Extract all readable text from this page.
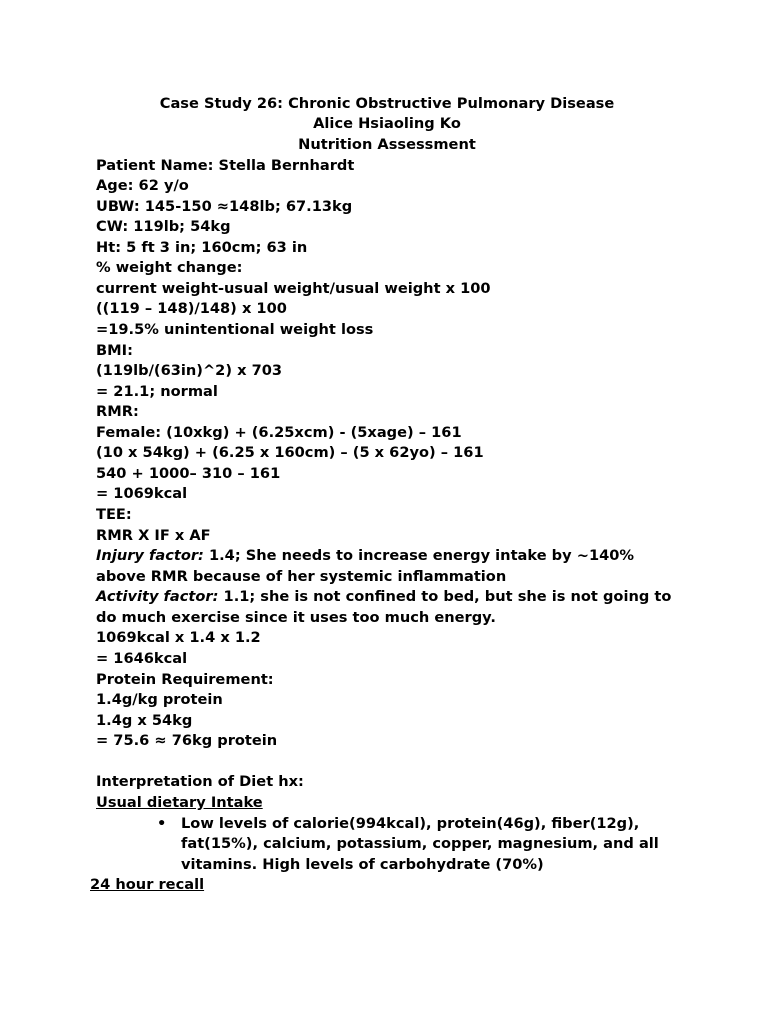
Case Study 26: Chronic Obstructive Pulmonary Disease
Alice Hsiaoling Ko
Nutrition Assessment
Patient Name: Stella Bernhardt
Age: 62 y/o
UBW: 145-150 ≈148lb; 67.13kg
CW: 119lb; 54kg
Ht: 5 ft 3 in; 160cm; 63 in
% weight change:
current weight-usual weight/usual weight x 100
((119 – 148)/148) x 100
=19.5% unintentional weight loss
BMI:
(119lb/(63in)^2) x 703
= 21.1; normal
RMR:
Female: (10xkg) + (6.25xcm) - (5xage) – 161
(10 x 54kg) + (6.25 x 160cm) – (5 x 62yo) – 161
540 + 1000– 310 – 161
= 1069kcal
TEE:
RMR X IF x AF
Injury factor: 1.4; She needs to increase energy intake by ~140%
above RMR because of her systemic inflammation
Activity factor: 1.1; she is not confined to bed, but she is not going to
do much exercise since it uses too much energy.
1069kcal x 1.4 x 1.2
= 1646kcal
Protein Requirement:
1.4g/kg protein
1.4g x 54kg
= 75.6 ≈ 76kg protein
Interpretation of Diet hx:
Usual dietary Intake
• Low levels of calorie(994kcal), protein(46g), fiber(12g),
fat(15%), calcium, potassium, copper, magnesium, and all
vitamins. High levels of carbohydrate (70%)
24 hour recall
